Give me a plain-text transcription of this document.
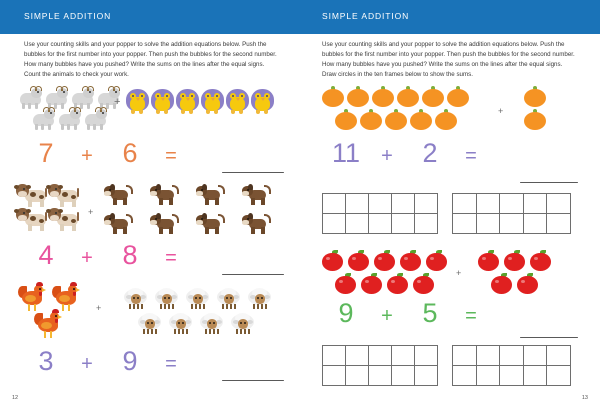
SIMPLE ADDITION	SIMPLE ADDITION
Use your counting skills and your popper to solve the addition equations below. Push the bubbles for the first number into your popper. Then push the bubbles for the second number. How many bubbles have you pushed? Write the sums on the lines after the equal signs. Count the animals to check your work.
+
7	+	6	=
+
4	+	8	=
+
3	+	9	=
12
Use your counting skills and your popper to solve the addition equations below. Push the bubbles for the first number into your popper. Then push the bubbles for the second number. How many bubbles have you pushed? Write the sums on the lines after the equal signs. Draw circles in the ten frames below to show the sums.
+
11	+	2	=
+
9	+	5	=
13
